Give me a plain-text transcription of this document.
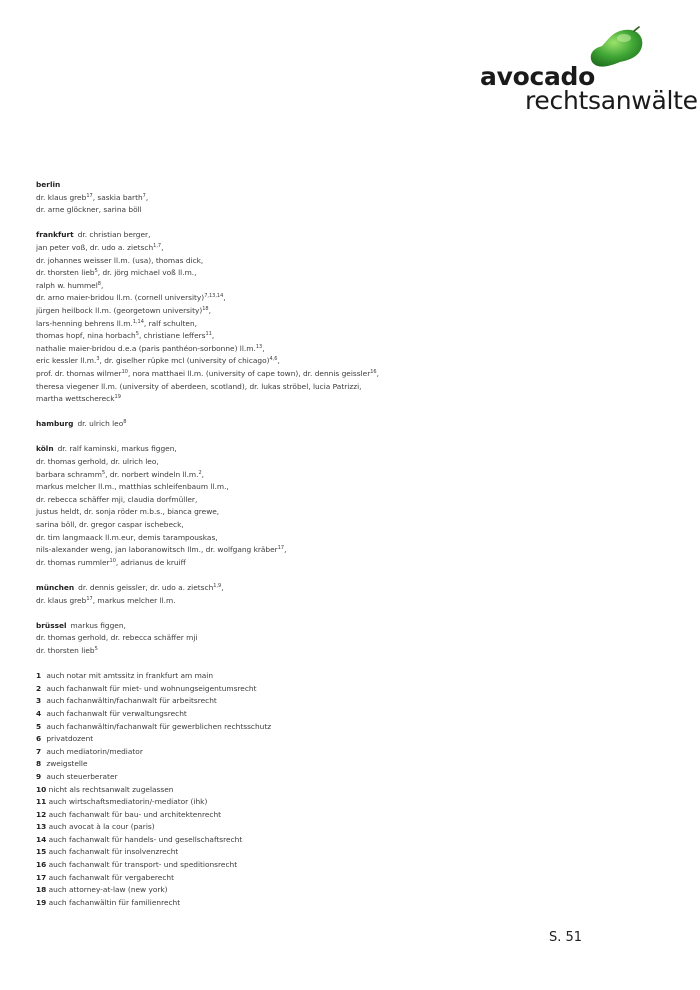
avocado
rechtsanwälte
berlin
dr. klaus greb$^{17}$, saskia barth$^7$,
dr. arne glöckner, sarina böll
frankfurt dr. christian berger,
jan peter voß, dr. udo a. zietsch$^{1,7}$,
dr. johannes weisser ll.m. (usa), thomas dick,
dr. thorsten lieb$^5$, dr. jörg michael voß ll.m.,
ralph w. hummel$^8$,
dr. arno maier-bridou ll.m. (cornell university)$^{7,13,14}$,
jürgen heilbock ll.m. (georgetown university)$^{18}$,
lars-henning behrens ll.m.$^{1,14}$, ralf schulten,
thomas hopf, nina horbach$^5$, christiane leffers$^{11}$,
nathalie maier-bridou d.e.a (paris panthéon-sorbonne) ll.m.$^{13}$,
eric kessler ll.m.$^3$, dr. giselher rüpke mcl (university of chicago)$^{4,6}$,
prof. dr. thomas wilmer$^{10}$, nora matthaei ll.m. (university of cape town), dr. dennis geissler$^{16}$,
theresa viegener ll.m. (university of aberdeen, scotland), dr. lukas ströbel, lucia Patrizzi,
martha wettschereck$^{19}$
hamburg dr. ulrich leo$^8$
köln dr. ralf kaminski, markus figgen,
dr. thomas gerhold, dr. ulrich leo,
barbara schramm$^5$, dr. norbert windeln ll.m.$^2$,
markus melcher ll.m., matthias schleifenbaum ll.m.,
dr. rebecca schäffer mji, claudia dorfmüller,
justus heldt, dr. sonja röder m.b.s., bianca grewe,
sarina böll, dr. gregor caspar ischebeck,
dr. tim langmaack ll.m.eur, demis tarampouskas,
nils-alexander weng, jan laboranowitsch llm., dr. wolfgang kräber$^{17}$,
dr. thomas rummler$^{10}$, adrianus de kruiff
münchen dr. dennis geissler, dr. udo a. zietsch$^{1,9}$,
dr. klaus greb$^{17}$, markus melcher ll.m.
brüssel markus figgen,
dr. thomas gerhold, dr. rebecca schäffer mji
dr. thorsten lieb$^5$
1 auch notar mit amtssitz in frankfurt am main
2 auch fachanwalt für miet- und wohnungseigentumsrecht
3 auch fachanwältin/fachanwalt für arbeitsrecht
4 auch fachanwalt für verwaltungsrecht
5 auch fachanwältin/fachanwalt für gewerblichen rechtsschutz
6 privatdozent
7 auch mediatorin/mediator
8 zweigstelle
9 auch steuerberater
10 nicht als rechtsanwalt zugelassen
11 auch wirtschaftsmediatorin/-mediator (ihk)
12 auch fachanwalt für bau- und architektenrecht
13 auch avocat à la cour (paris)
14 auch fachanwalt für handels- und gesellschaftsrecht
15 auch fachanwalt für insolvenzrecht
16 auch fachanwalt für transport- und speditionsrecht
17 auch fachanwalt für vergaberecht
18 auch attorney-at-law (new york)
19 auch fachanwältin für familienrecht
S. 51
